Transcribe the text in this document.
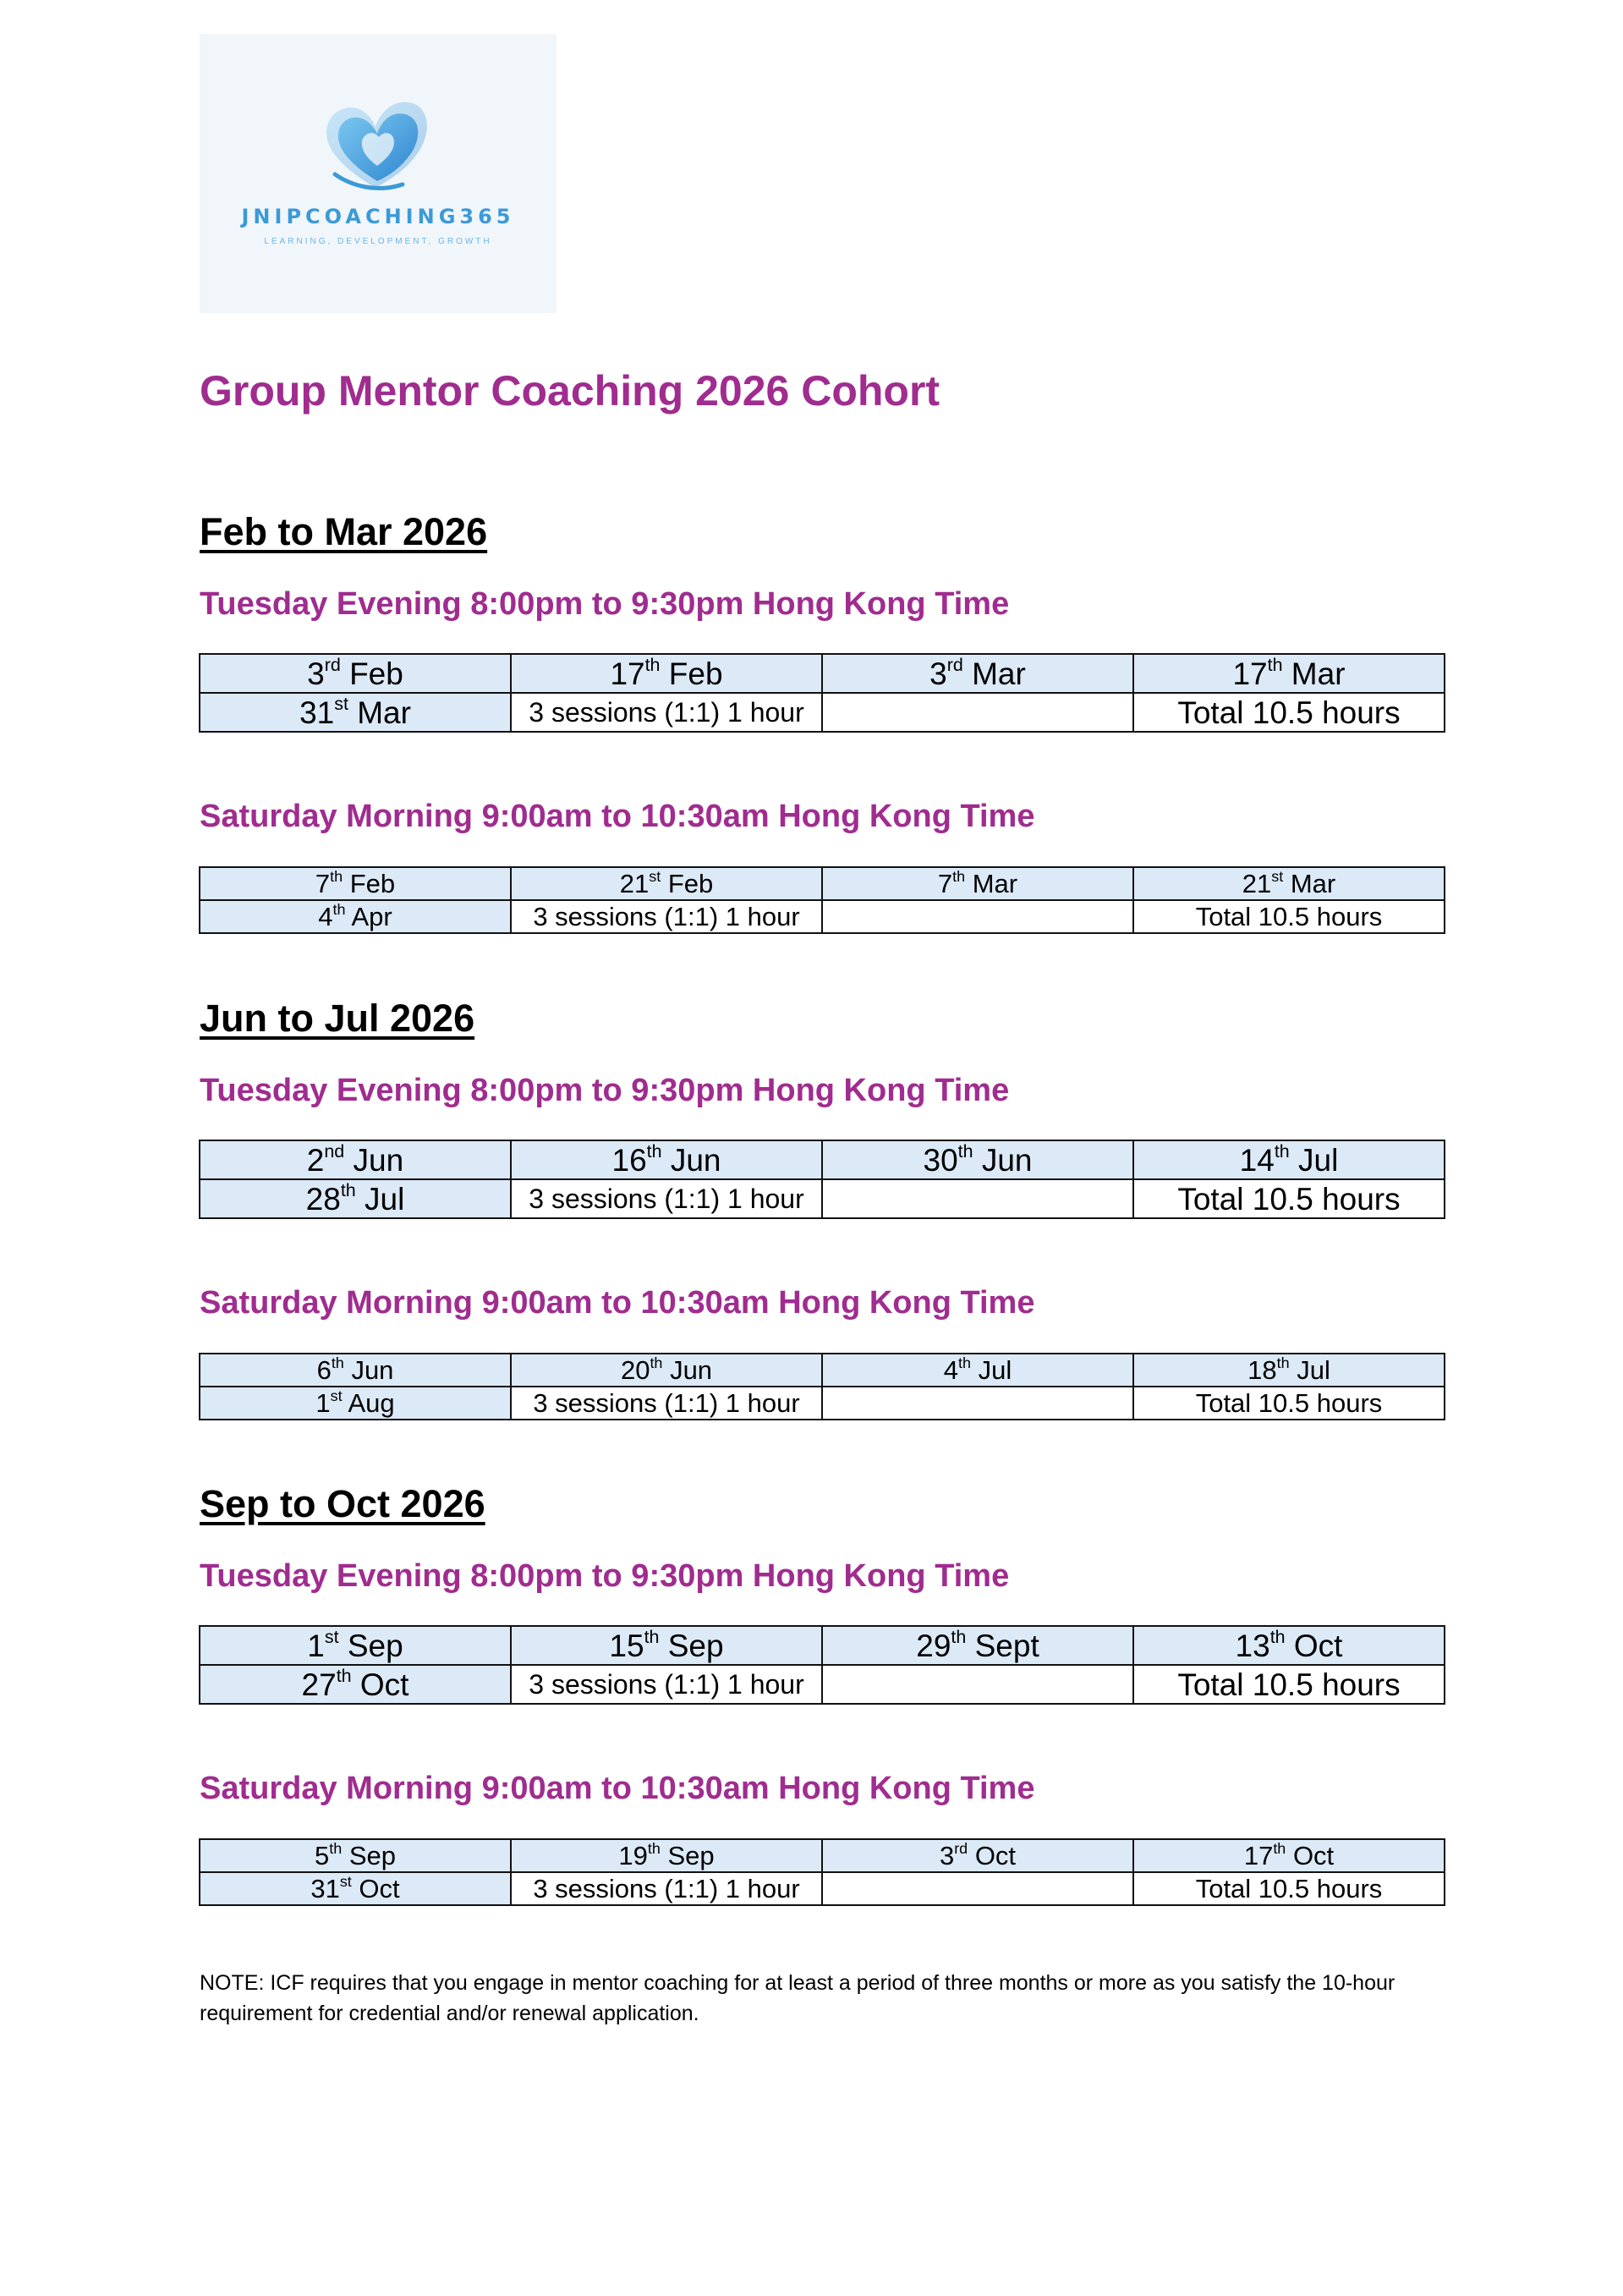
JNIPCOACHING365
LEARNING, DEVELOPMENT, GROWTH
Group Mentor Coaching 2026 Cohort
Feb to Mar 2026
Tuesday Evening 8:00pm to 9:30pm Hong Kong Time
3rd Feb	17th Feb	3rd Mar	17th Mar
31st Mar	3 sessions (1:1) 1 hour		Total 10.5 hours
Saturday Morning 9:00am to 10:30am Hong Kong Time
7th Feb	21st Feb	7th Mar	21st Mar
4th Apr	3 sessions (1:1) 1 hour		Total 10.5 hours
Jun to Jul 2026
Tuesday Evening 8:00pm to 9:30pm Hong Kong Time
2nd Jun	16th Jun	30th Jun	14th Jul
28th Jul	3 sessions (1:1) 1 hour		Total 10.5 hours
Saturday Morning 9:00am to 10:30am Hong Kong Time
6th Jun	20th Jun	4th Jul	18th Jul
1st Aug	3 sessions (1:1) 1 hour		Total 10.5 hours
Sep to Oct 2026
Tuesday Evening 8:00pm to 9:30pm Hong Kong Time
1st Sep	15th Sep	29th Sept	13th Oct
27th Oct	3 sessions (1:1) 1 hour		Total 10.5 hours
Saturday Morning 9:00am to 10:30am Hong Kong Time
5th Sep	19th Sep	3rd Oct	17th Oct
31st Oct	3 sessions (1:1) 1 hour		Total 10.5 hours
NOTE: ICF requires that you engage in mentor coaching for at least a period of three months or more as you satisfy the 10-hour requirement for credential and/or renewal application.
